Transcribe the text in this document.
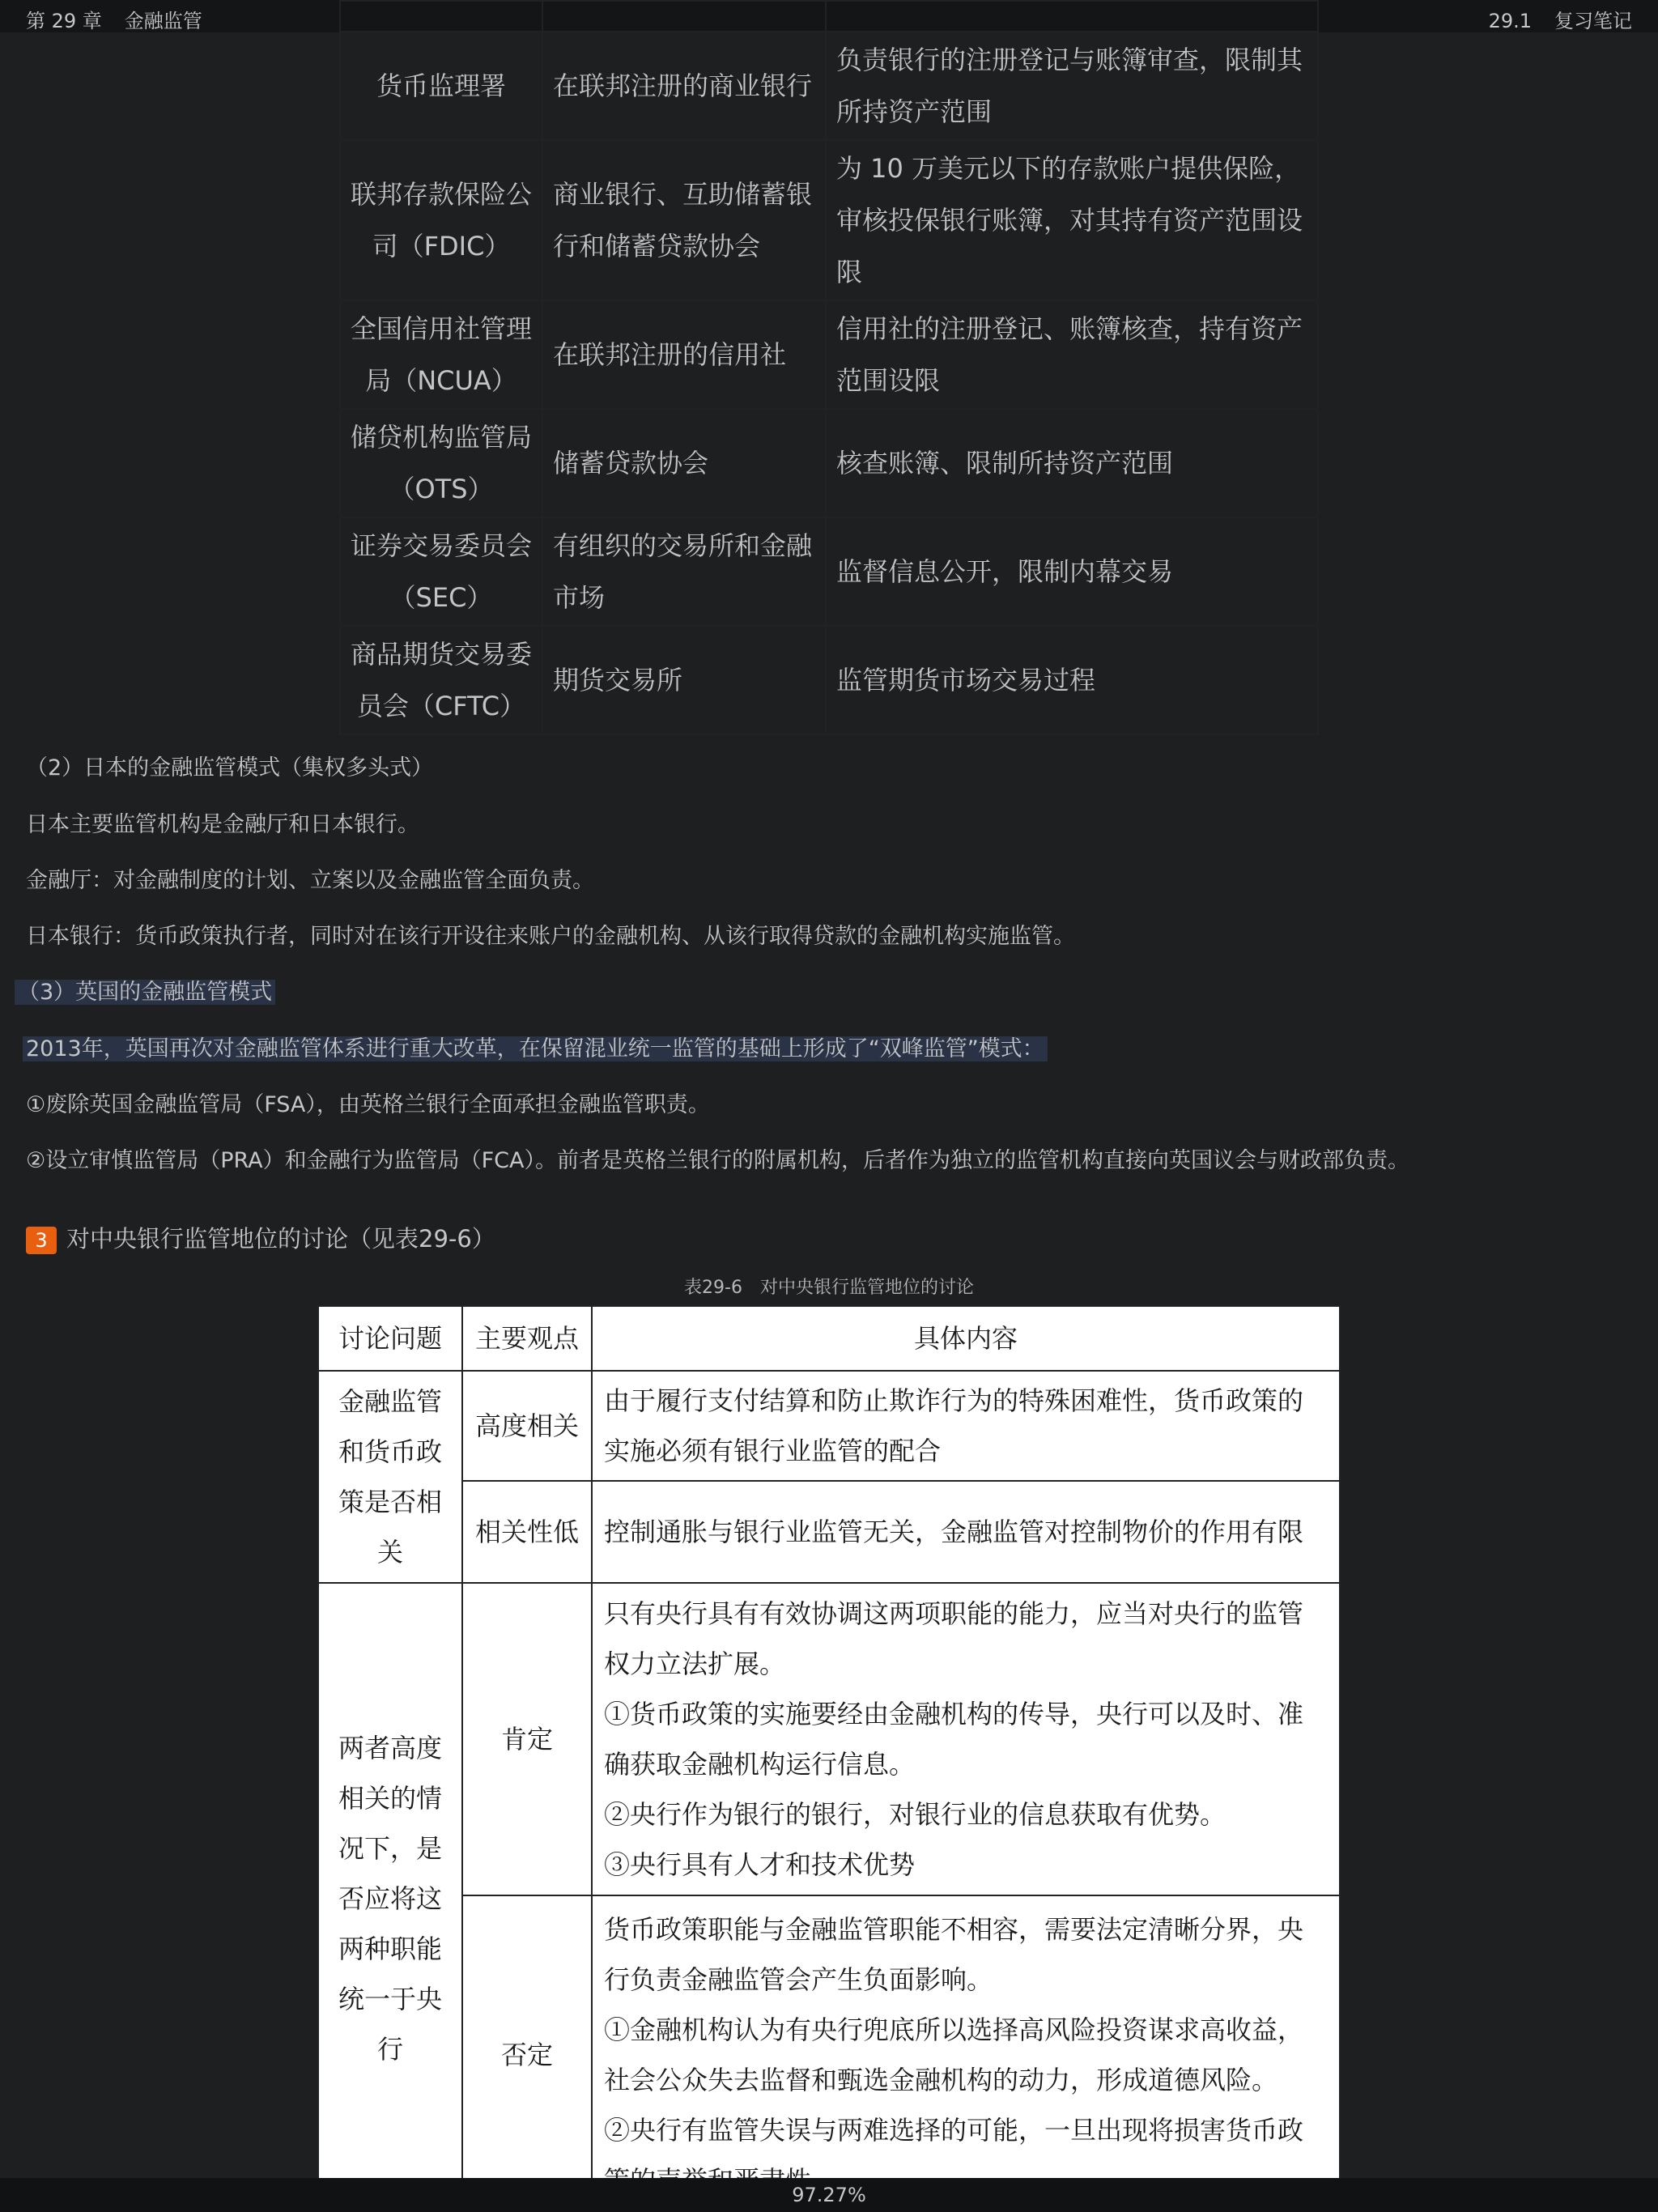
第 29 章 金融监管	29.1 复习笔记

货币监理署	在联邦注册的商业银行	负责银行的注册登记与账簿审查，限制其所持资产范围
联邦存款保险公司（FDIC）	商业银行、互助储蓄银行和储蓄贷款协会	为 10 万美元以下的存款账户提供保险，审核投保银行账簿，对其持有资产范围设限
全国信用社管理局（NCUA）	在联邦注册的信用社	信用社的注册登记、账簿核查，持有资产范围设限
储贷机构监管局（OTS）	储蓄贷款协会	核查账簿、限制所持资产范围
证券交易委员会（SEC）	有组织的交易所和金融市场	监督信息公开，限制内幕交易
商品期货交易委员会（CFTC）	期货交易所	监管期货市场交易过程
（2）日本的金融监管模式（集权多头式）
日本主要监管机构是金融厅和日本银行。
金融厅：对金融制度的计划、立案以及金融监管全面负责。
日本银行：货币政策执行者，同时对在该行开设往来账户的金融机构、从该行取得贷款的金融机构实施监管。
（3）英国的金融监管模式
2013年，英国再次对金融监管体系进行重大改革，在保留混业统一监管的基础上形成了“双峰监管”模式：
①废除英国金融监管局（FSA），由英格兰银行全面承担金融监管职责。
②设立审慎监管局（PRA）和金融行为监管局（FCA）。前者是英格兰银行的附属机构，后者作为独立的监管机构直接向英国议会与财政部负责。
3 对中央银行监管地位的讨论（见表29-6）
表29-6　对中央银行监管地位的讨论
讨论问题	主要观点	具体内容
金融监管和货币政策是否相关	高度相关	由于履行支付结算和防止欺诈行为的特殊困难性，货币政策的实施必须有银行业监管的配合
	相关性低	控制通胀与银行业监管无关，金融监管对控制物价的作用有限
两者高度相关的情况下，是否应将这两种职能统一于央行	肯定	只有央行具有有效协调这两项职能的能力，应当对央行的监管权力立法扩展。
①货币政策的实施要经由金融机构的传导，央行可以及时、准确获取金融机构运行信息。
②央行作为银行的银行，对银行业的信息获取有优势。
③央行具有人才和技术优势

	否定	货币政策职能与金融监管职能不相容，需要法定清晰分界，央行负责金融监管会产生负面影响。
①金融机构认为有央行兜底所以选择高风险投资谋求高收益，社会公众失去监督和甄选金融机构的动力，形成道德风险。
②央行有监管失误与两难选择的可能，一旦出现将损害货币政
97.27%
